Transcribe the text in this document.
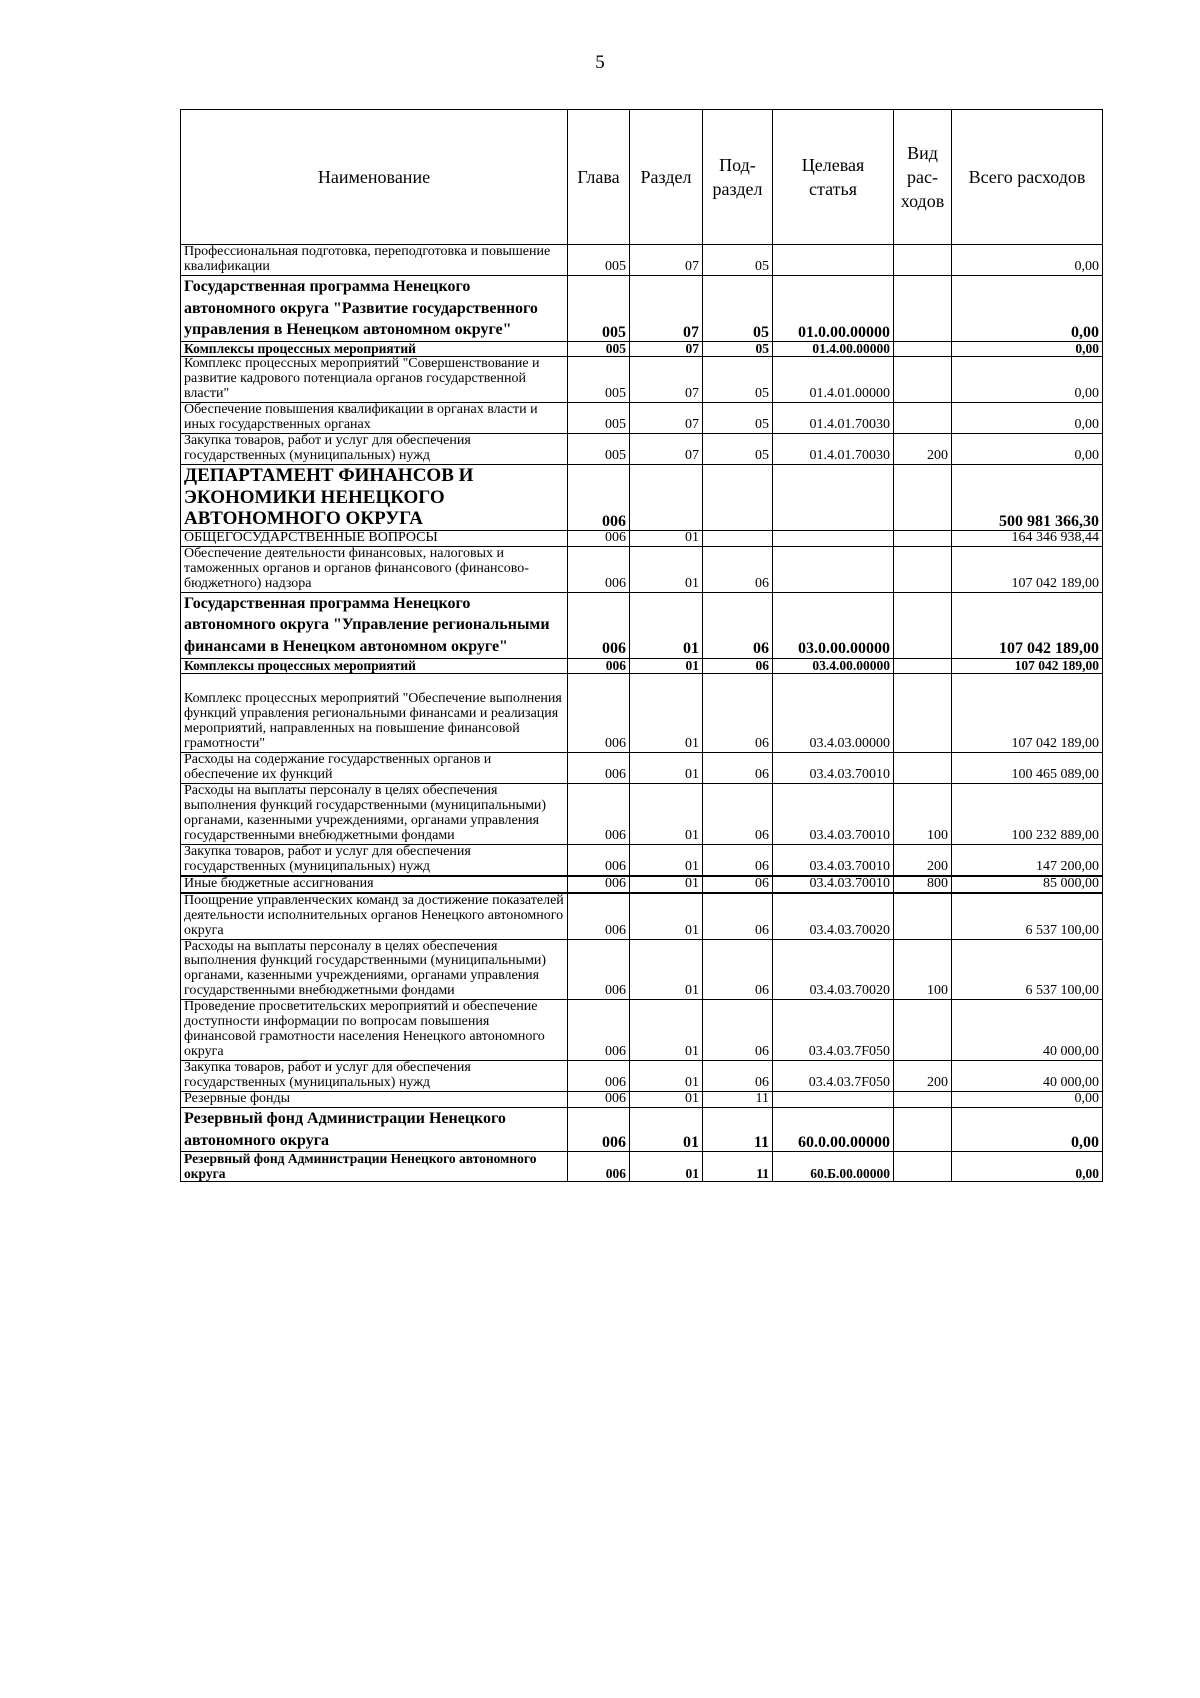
5
Наименование	Глава	Раздел	Под-раздел	Целевая статья	Вид рас-ходов	Всего расходов
Профессиональная подготовка, переподготовка и повышение квалификации	005	07	05			0,00
Государственная программа Ненецкого автономного округа "Развитие государственного управления в Ненецком автономном округе"	005	07	05	01.0.00.00000		0,00
Комплексы процессных мероприятий	005	07	05	01.4.00.00000		0,00
Комплекс процессных мероприятий "Совершенствование и развитие кадрового потенциала органов государственной власти"	005	07	05	01.4.01.00000		0,00
Обеспечение повышения квалификации в органах власти и иных государственных органах	005	07	05	01.4.01.70030		0,00
Закупка товаров, работ и услуг для обеспечения государственных (муниципальных) нужд	005	07	05	01.4.01.70030	200	0,00
ДЕПАРТАМЕНТ ФИНАНСОВ И ЭКОНОМИКИ НЕНЕЦКОГО АВТОНОМНОГО ОКРУГА	006					500 981 366,30
ОБЩЕГОСУДАРСТВЕННЫЕ ВОПРОСЫ	006	01				164 346 938,44
Обеспечение деятельности финансовых, налоговых и таможенных органов и органов финансового (финансово-бюджетного) надзора	006	01	06			107 042 189,00
Государственная программа Ненецкого автономного округа "Управление региональными финансами в Ненецком автономном округе"	006	01	06	03.0.00.00000		107 042 189,00
Комплексы процессных мероприятий	006	01	06	03.4.00.00000		107 042 189,00
Комплекс процессных мероприятий "Обеспечение выполнения функций управления региональными финансами и реализация мероприятий, направленных на повышение финансовой грамотности"	006	01	06	03.4.03.00000		107 042 189,00
Расходы на содержание государственных органов и обеспечение их функций	006	01	06	03.4.03.70010		100 465 089,00
Расходы на выплаты персоналу в целях обеспечения выполнения функций государственными (муниципальными) органами, казенными учреждениями, органами управления государственными внебюджетными фондами	006	01	06	03.4.03.70010	100	100 232 889,00
Закупка товаров, работ и услуг для обеспечения государственных (муниципальных) нужд	006	01	06	03.4.03.70010	200	147 200,00
Иные бюджетные ассигнования	006	01	06	03.4.03.70010	800	85 000,00
Поощрение управленческих команд за достижение показателей деятельности исполнительных органов Ненецкого автономного округа	006	01	06	03.4.03.70020		6 537 100,00
Расходы на выплаты персоналу в целях обеспечения выполнения функций государственными (муниципальными) органами, казенными учреждениями, органами управления государственными внебюджетными фондами	006	01	06	03.4.03.70020	100	6 537 100,00
Проведение просветительских мероприятий и обеспечение доступности информации по вопросам повышения финансовой грамотности населения Ненецкого автономного округа	006	01	06	03.4.03.7F050		40 000,00
Закупка товаров, работ и услуг для обеспечения государственных (муниципальных) нужд	006	01	06	03.4.03.7F050	200	40 000,00
Резервные фонды	006	01	11			0,00
Резервный фонд Администрации Ненецкого автономного округа	006	01	11	60.0.00.00000		0,00
Резервный фонд Администрации Ненецкого автономного округа	006	01	11	60.Б.00.00000		0,00
